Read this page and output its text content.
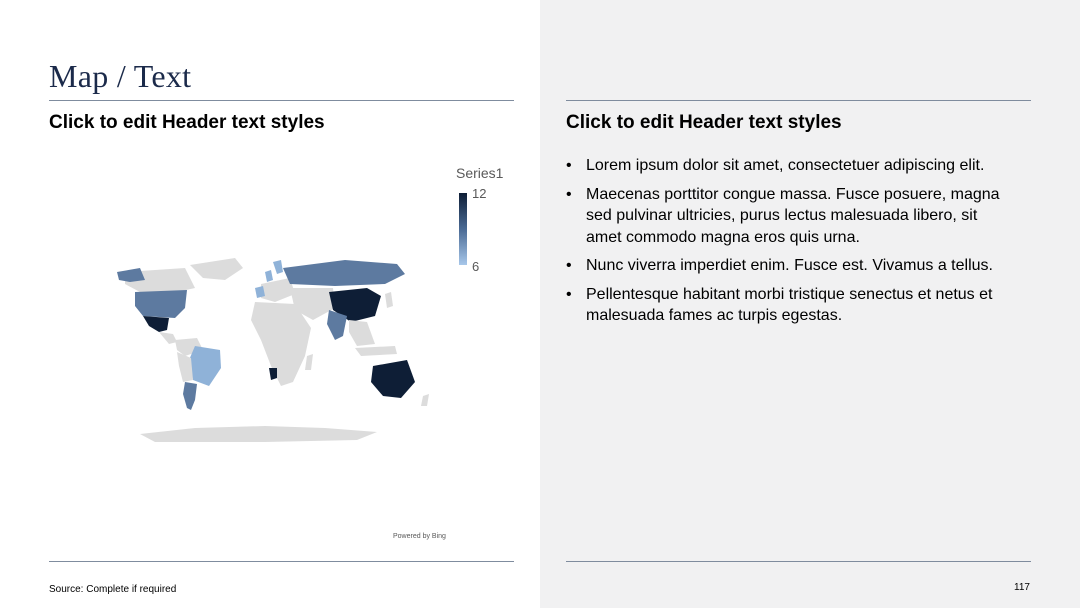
Map / Text
Click to edit Header text styles	Click to edit Header text styles
Series1
12
6
Powered by Bing
• Lorem ipsum dolor sit amet, consectetuer adipiscing elit.
• Maecenas porttitor congue massa. Fusce posuere, magna sed pulvinar ultricies, purus lectus malesuada libero, sit amet commodo magna eros quis urna.
• Nunc viverra imperdiet enim. Fusce est. Vivamus a tellus.
• Pellentesque habitant morbi tristique senectus et netus et malesuada fames ac turpis egestas.
Source: Complete if required	117
